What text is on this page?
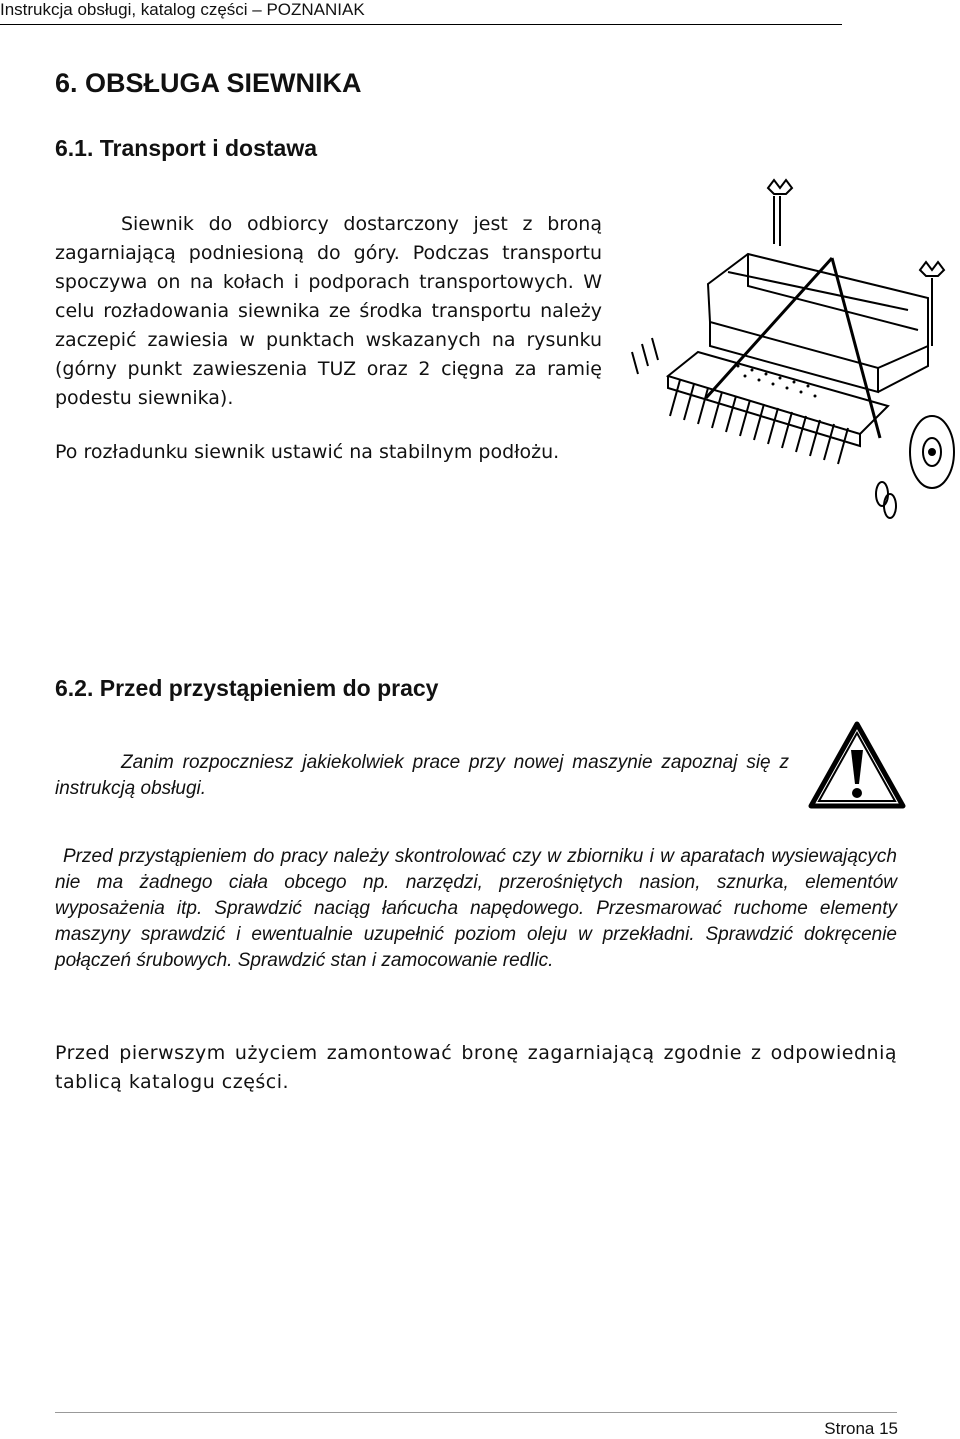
Instrukcja obsługi, katalog części – POZNANIAK
6. OBSŁUGA SIEWNIKA
6.1. Transport i dostawa
Siewnik do odbiorcy dostarczony jest z broną zagarniającą podniesioną do góry. Podczas transportu spoczywa on na kołach i podporach transportowych. W celu rozładowania siewnika ze środka transportu należy zaczepić zawiesia w punktach wskazanych na rysunku (górny punkt zawieszenia TUZ oraz 2 cięgna za ramię podestu siewnika).
Po rozładunku siewnik ustawić na stabilnym podłożu.
6.2. Przed przystąpieniem do pracy
Zanim rozpoczniesz jakiekolwiek prace przy nowej maszynie zapoznaj się z instrukcją obsługi.
Przed przystąpieniem do pracy należy skontrolować czy w zbiorniku i w aparatach wysiewających nie ma żadnego ciała obcego np. narzędzi, przerośniętych nasion, sznurka, elementów wyposażenia itp. Sprawdzić naciąg łańcucha napędowego. Przesmarować ruchome elementy maszyny sprawdzić i ewentualnie uzupełnić poziom oleju w przekładni. Sprawdzić dokręcenie połączeń śrubowych. Sprawdzić stan i zamocowanie redlic.
Przed pierwszym użyciem zamontować bronę zagarniającą zgodnie z odpowiednią tablicą katalogu części.
Strona 15
